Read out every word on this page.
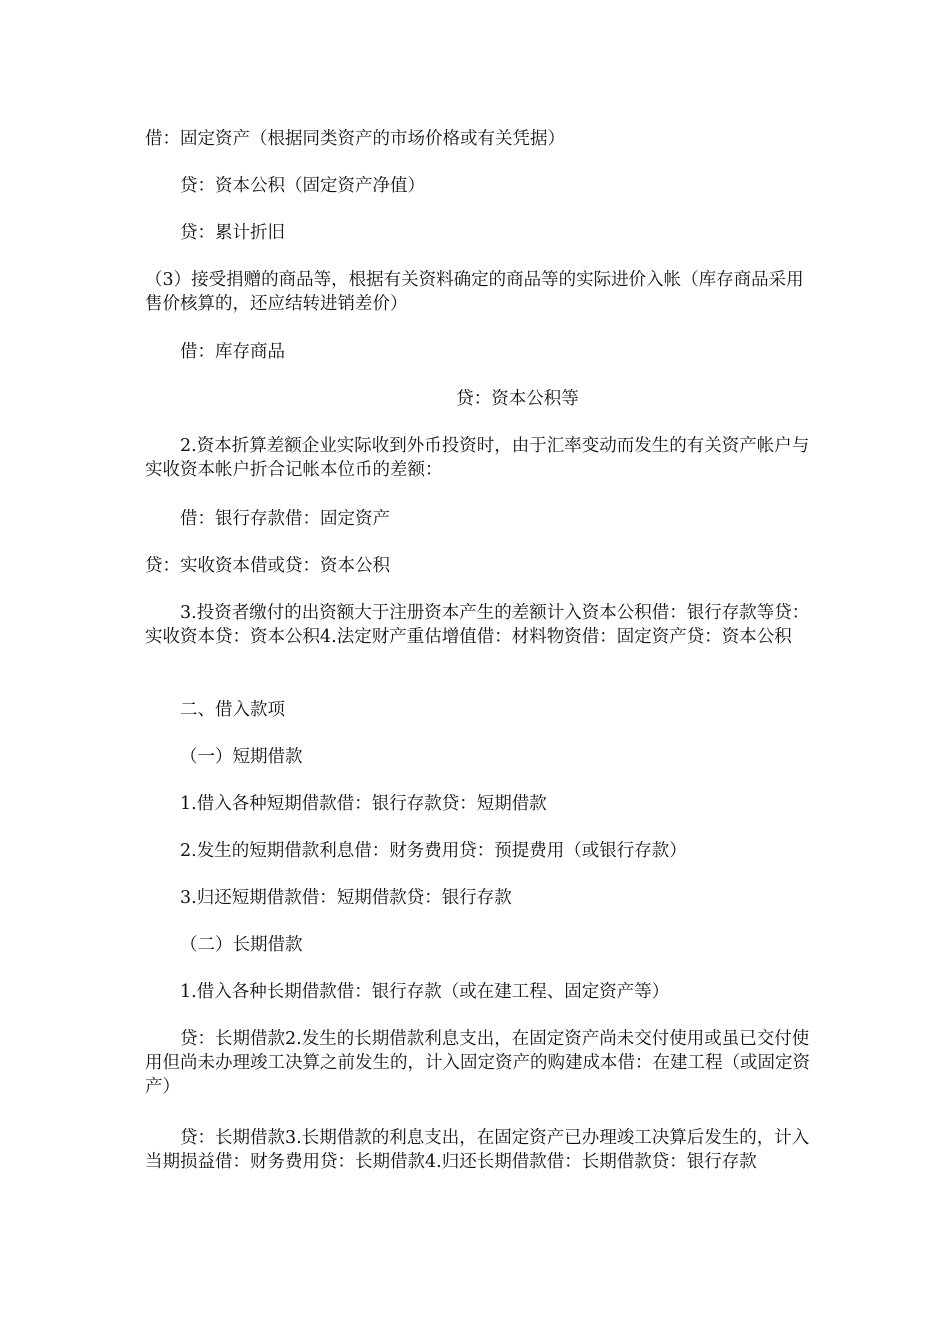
借：固定资产（根据同类资产的市场价格或有关凭据）

贷：资本公积（固定资产净值）

贷：累计折旧

（3）接受捐赠的商品等，根据有关资料确定的商品等的实际进价入帐（库存商品采用售价核算的，还应结转进销差价）

借：库存商品

贷：资本公积等

2.资本折算差额企业实际收到外币投资时，由于汇率变动而发生的有关资产帐户与实收资本帐户折合记帐本位币的差额：

借：银行存款借：固定资产

贷：实收资本借或贷：资本公积

3.投资者缴付的出资额大于注册资本产生的差额计入资本公积借：银行存款等贷：实收资本贷：资本公积4.法定财产重估增值借：材料物资借：固定资产贷：资本公积

二、借入款项

（一）短期借款

1.借入各种短期借款借：银行存款贷：短期借款

2.发生的短期借款利息借：财务费用贷：预提费用（或银行存款）

3.归还短期借款借：短期借款贷：银行存款

（二）长期借款

1.借入各种长期借款借：银行存款（或在建工程、固定资产等）

贷：长期借款2.发生的长期借款利息支出，在固定资产尚未交付使用或虽已交付使用但尚未办理竣工决算之前发生的，计入固定资产的购建成本借：在建工程（或固定资产）

贷：长期借款3.长期借款的利息支出，在固定资产已办理竣工决算后发生的，计入当期损益借：财务费用贷：长期借款4.归还长期借款借：长期借款贷：银行存款
